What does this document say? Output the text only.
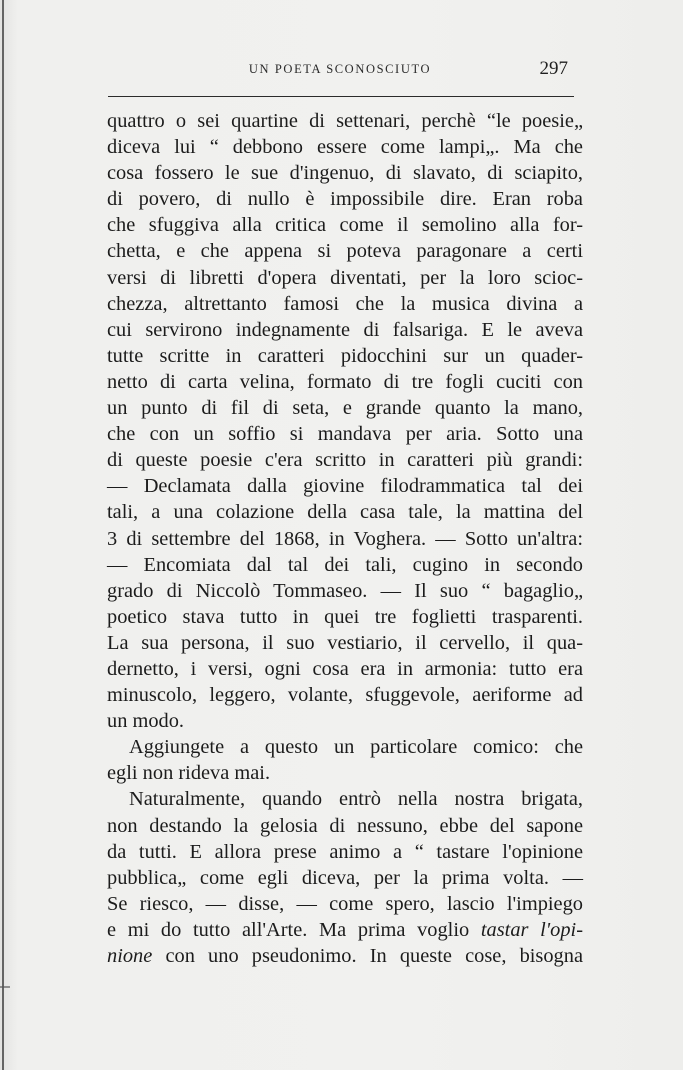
UN POETA SCONOSCIUTO	297
quattro o sei quartine di settenari, perchè “le poesie„
diceva lui “ debbono essere come lampi„. Ma che
cosa fossero le sue d'ingenuo, di slavato, di sciapito,
di povero, di nullo è impossibile dire. Eran roba
che sfuggiva alla critica come il semolino alla for-
chetta, e che appena si poteva paragonare a certi
versi di libretti d'opera diventati, per la loro scioc-
chezza, altrettanto famosi che la musica divina a
cui servirono indegnamente di falsariga. E le aveva
tutte scritte in caratteri pidocchini sur un quader-
netto di carta velina, formato di tre fogli cuciti con
un punto di fil di seta, e grande quanto la mano,
che con un soffio si mandava per aria. Sotto una
di queste poesie c'era scritto in caratteri più grandi:
— Declamata dalla giovine filodrammatica tal dei
tali, a una colazione della casa tale, la mattina del
3 di settembre del 1868, in Voghera. — Sotto un'altra:
— Encomiata dal tal dei tali, cugino in secondo
grado di Niccolò Tommaseo. — Il suo “ bagaglio„
poetico stava tutto in quei tre foglietti trasparenti.
La sua persona, il suo vestiario, il cervello, il qua-
dernetto, i versi, ogni cosa era in armonia: tutto era
minuscolo, leggero, volante, sfuggevole, aeriforme ad
un modo.
Aggiungete a questo un particolare comico: che
egli non rideva mai.
Naturalmente, quando entrò nella nostra brigata,
non destando la gelosia di nessuno, ebbe del sapone
da tutti. E allora prese animo a “ tastare l'opinione
pubblica„ come egli diceva, per la prima volta. —
Se riesco, — disse, — come spero, lascio l'impiego
e mi do tutto all'Arte. Ma prima voglio tastar l'opi-
nione con uno pseudonimo. In queste cose, bisogna
